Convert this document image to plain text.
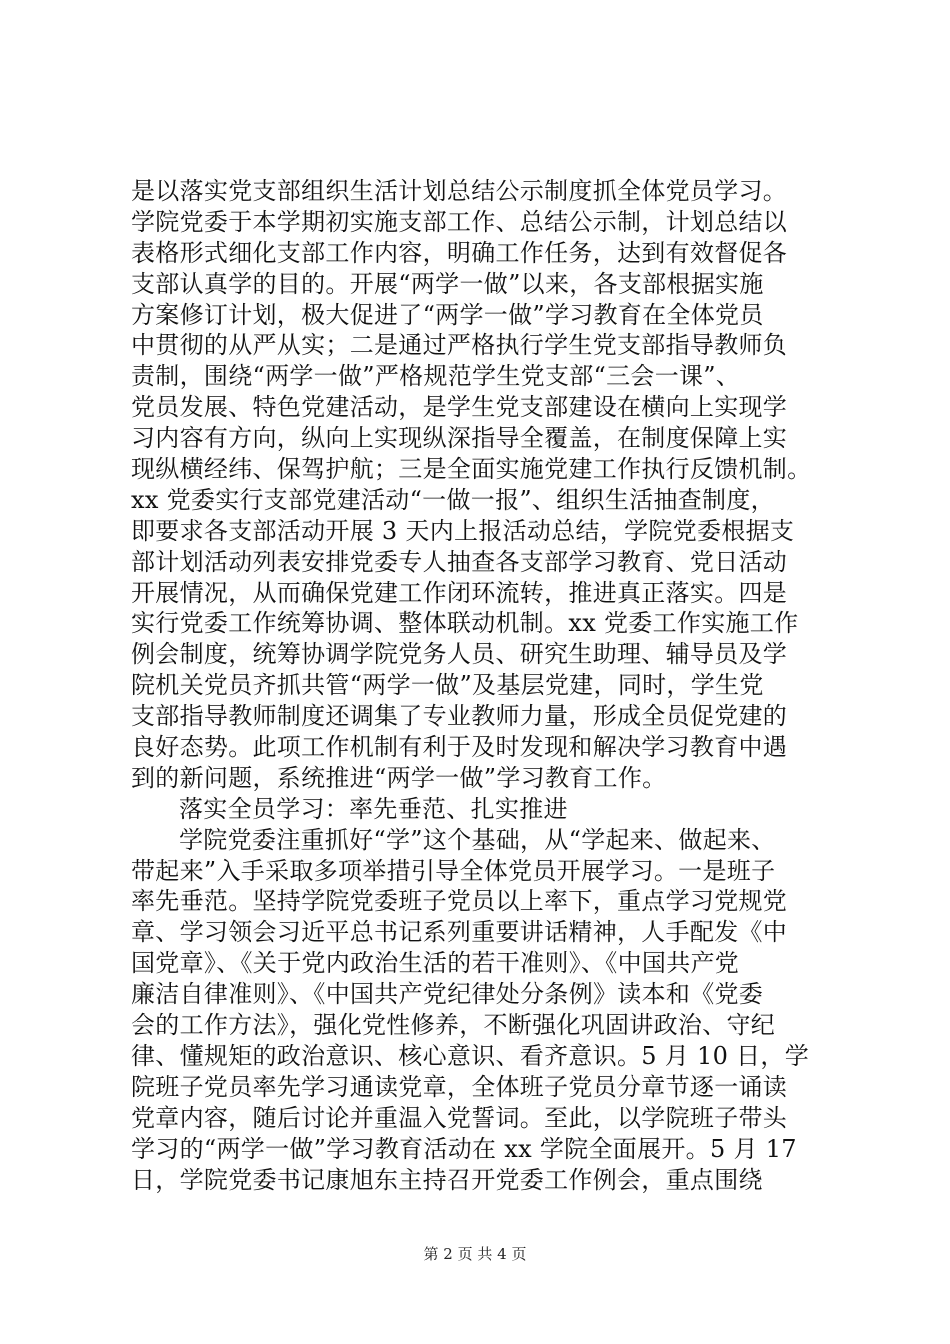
是以落实党支部组织生活计划总结公示制度抓全体党员学习。
学院党委于本学期初实施支部工作、总结公示制，计划总结以
表格形式细化支部工作内容，明确工作任务，达到有效督促各
支部认真学的目的。开展“两学一做”以来，各支部根据实施
方案修订计划，极大促进了“两学一做”学习教育在全体党员
中贯彻的从严从实；二是通过严格执行学生党支部指导教师负
责制，围绕“两学一做”严格规范学生党支部“三会一课”、
党员发展、特色党建活动，是学生党支部建设在横向上实现学
习内容有方向，纵向上实现纵深指导全覆盖，在制度保障上实
现纵横经纬、保驾护航；三是全面实施党建工作执行反馈机制。
xx 党委实行支部党建活动“一做一报”、组织生活抽查制度，
即要求各支部活动开展 3 天内上报活动总结，学院党委根据支
部计划活动列表安排党委专人抽查各支部学习教育、党日活动
开展情况，从而确保党建工作闭环流转，推进真正落实。四是
实行党委工作统筹协调、整体联动机制。xx 党委工作实施工作
例会制度，统筹协调学院党务人员、研究生助理、辅导员及学
院机关党员齐抓共管“两学一做”及基层党建，同时，学生党
支部指导教师制度还调集了专业教师力量，形成全员促党建的
良好态势。此项工作机制有利于及时发现和解决学习教育中遇
到的新问题，系统推进“两学一做”学习教育工作。
落实全员学习：率先垂范、扎实推进
学院党委注重抓好“学”这个基础，从“学起来、做起来、
带起来”入手采取多项举措引导全体党员开展学习。一是班子
率先垂范。坚持学院党委班子党员以上率下，重点学习党规党
章、学习领会习近平总书记系列重要讲话精神，人手配发《中
国党章》、《关于党内政治生活的若干准则》、《中国共产党
廉洁自律准则》、《中国共产党纪律处分条例》读本和《党委
会的工作方法》，强化党性修养，不断强化巩固讲政治、守纪
律、懂规矩的政治意识、核心意识、看齐意识。5 月 10 日，学
院班子党员率先学习通读党章，全体班子党员分章节逐一诵读
党章内容，随后讨论并重温入党誓词。至此，以学院班子带头
学习的“两学一做”学习教育活动在 xx 学院全面展开。5 月 17
日，学院党委书记康旭东主持召开党委工作例会，重点围绕
第 2 页 共 4 页
